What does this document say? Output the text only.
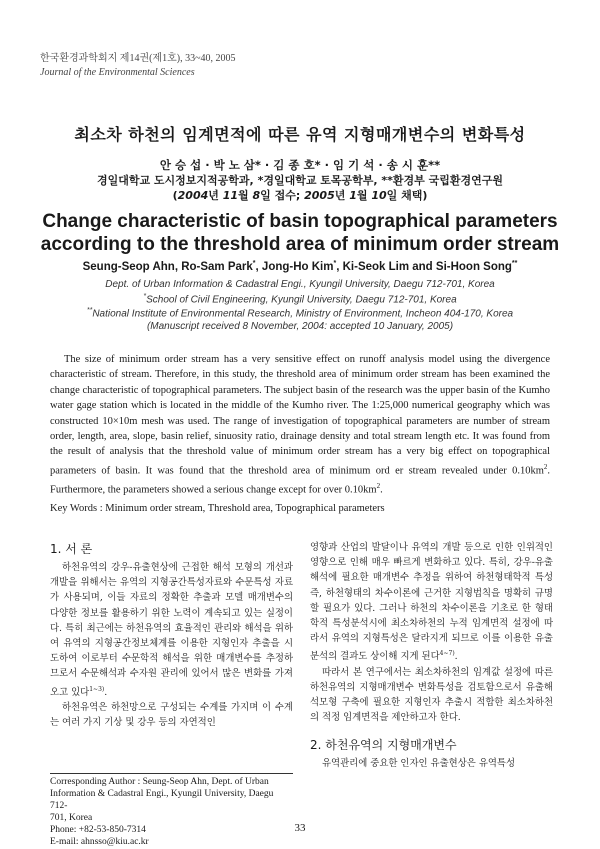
한국환경과학회지 제14권(제1호), 33~40, 2005
Journal of the Environmental Sciences
최소차 하천의 임계면적에 따른 유역 지형매개변수의 변화특성
안 승 섭 · 박 노 삼* · 김 종 호* · 임 기 석 · 송 시 훈**
경일대학교 도시정보지적공학과, *경일대학교 토목공학부, **환경부 국립환경연구원
(2004년 11월 8일 접수; 2005년 1월 10일 채택)
Change characteristic of basin topographical parameters
according to the threshold area of minimum order stream
Seung-Seop Ahn, Ro-Sam Park*, Jong-Ho Kim*, Ki-Seok Lim and Si-Hoon Song**
Dept. of Urban Information & Cadastral Engi., Kyungil University, Daegu 712-701, Korea
*School of Civil Engineering, Kyungil University, Daegu 712-701, Korea
**National Institute of Environmental Research, Ministry of Environment, Incheon 404-170, Korea
(Manuscript received 8 November, 2004: accepted 10 January, 2005)
The size of minimum order stream has a very sensitive effect on runoff analysis model using the divergence characteristic of stream. Therefore, in this study, the threshold area of minimum order stream has been examined the change characteristic of topographical parameters. The subject basin of the research was the upper basin of the Kumho water gage station which is located in the middle of the Kumho river. The 1:25,000 numerical geography which was constructed 10×10m mesh was used. The range of investigation of topographical parameters are number of stream order, length, area, slope, basin relief, sinuosity ratio, drainage density and total stream length etc. It was found from the result of analysis that the threshold value of minimum order stream has a very big effect on topographical parameters of basin. It was found that the threshold area of minimum ord er stream revealed under $0.10km^2$. Furthermore, the parameters showed a serious change except for over $0.10km^2$.
Key Words : Minimum order stream, Threshold area, Topographical parameters
1. 서 론
하천유역의 강우-유출현상에 근접한 해석 모형의 개선과 개발을 위해서는 유역의 지형공간특성자료와 수문특성 자료가 사용되며, 이들 자료의 정확한 추출과 모델 매개변수의 다양한 정보를 활용하기 위한 노력이 계속되고 있는 실정이다. 특히 최근에는 하천유역의 효율적인 관리와 해석을 위하여 유역의 지형공간정보체계를 이용한 지형인자 추출을 시도하여 이로부터 수문학적 해석을 위한 매개변수를 추정하므로서 수문해석과 수자원 관리에 있어서 많은 변화를 가져오고 있다$^{1\sim 3)}$.
하천유역은 하천망으로 구성되는 수계를 가지며 이 수계는 여러 가지 기상 및 강우 등의 자연적인
영향과 산업의 발달이나 유역의 개발 등으로 인한 인위적인 영향으로 인해 매우 빠르게 변화하고 있다. 특히, 강우-유출해석에 필요한 매개변수 추정을 위하여 하천형태학적 특성 즉, 하천형태의 차수이론에 근거한 지형법칙을 명확히 규명할 필요가 있다. 그러나 하천의 차수이론을 기초로 한 형태학적 특성분석시에 최소차하천의 누적 임계면적 설정에 따라서 유역의 지형특성은 달라지게 되므로 이를 이용한 유출분석의 결과도 상이해 지게 된다$^{4\sim 7)}$.
따라서 본 연구에서는 최소차하천의 임계값 설정에 따른 하천유역의 지형매개변수 변화특성을 검토함으로서 유출해석모형 구축에 필요한 지형인자 추출시 적합한 최소차하천의 적정 임계면적을 제안하고자 한다.
2. 하천유역의 지형매개변수
유역관리에 중요한 인자인 유출현상은 유역특성
Corresponding Author : Seung-Seop Ahn, Dept. of Urban
Information & Cadastral Engi., Kyungil University, Daegu 712-
701, Korea
Phone: +82-53-850-7314
E-mail: ahnsso@kiu.ac.kr
33
